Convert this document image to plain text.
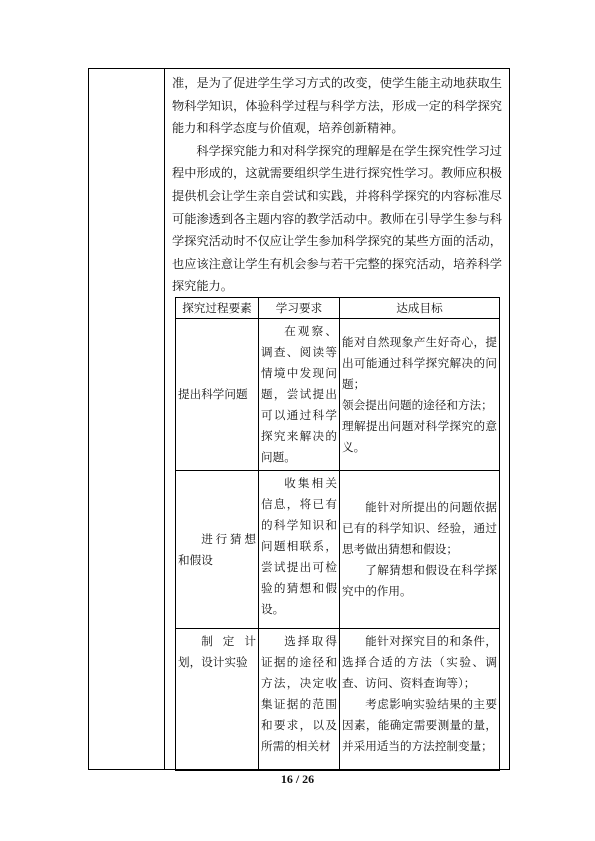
准，是为了促进学生学习方式的改变，使学生能主动地获取生物科学知识，体验科学过程与科学方法，形成一定的科学探究能力和科学态度与价值观，培养创新精神。

科学探究能力和对科学探究的理解是在学生探究性学习过程中形成的，这就需要组织学生进行探究性学习。教师应积极提供机会让学生亲自尝试和实践，并将科学探究的内容标准尽可能渗透到各主题内容的教学活动中。教师在引导学生参与科学探究活动时不仅应让学生参加科学探究的某些方面的活动，也应该注意让学生有机会参与若干完整的探究活动，培养科学探究能力。

探究过程要素	学习要求	达成目标
提出科学问题	在观察、调查、阅读等情境中发现问题，尝试提出可以通过科学探究来解决的问题。	能对自然现象产生好奇心，提出可能通过科学探究解决的问题；
领会提出问题的途径和方法；
理解提出问题对科学探究的意义。

进行猜想和假设	收集相关信息，将已有的科学知识和问题相联系，尝试提出可检验的猜想和假设。	能针对所提出的问题依据已有的科学知识、经验，通过思考做出猜想和假设；
了解猜想和假设在科学探究中的作用。

制定计划，设计实验	选择取得证据的途径和方法，决定收集证据的范围和要求，以及所需的相关材	能针对探究目的和条件，选择合适的方法（实验、调查、访问、资料查询等）；
考虑影响实验结果的主要因素，能确定需要测量的量，并采用适当的方法控制变量；
16 / 26
